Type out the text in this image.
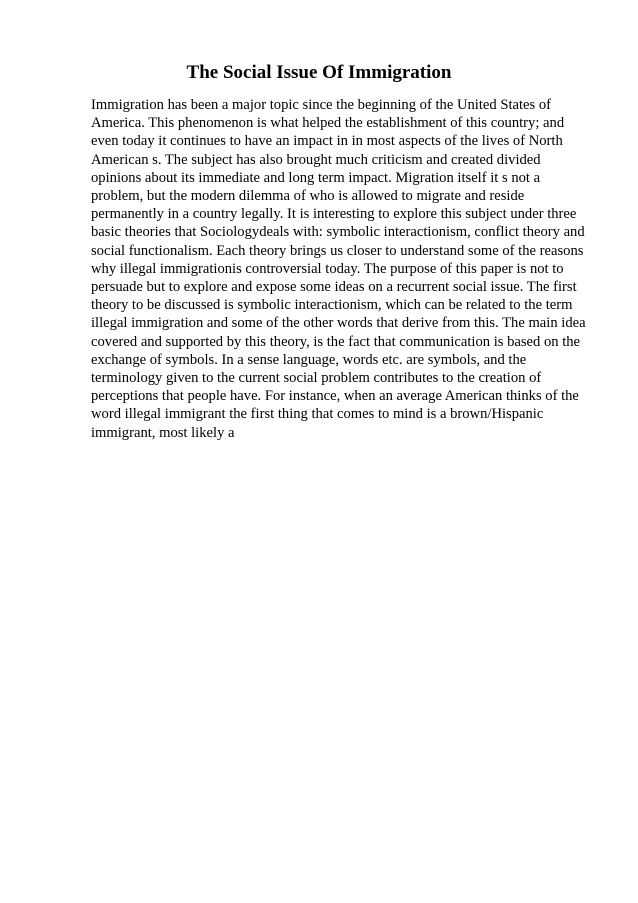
The Social Issue Of Immigration
Immigration has been a major topic since the beginning of the United States of
America. This phenomenon is what helped the establishment of this country; and
even today it continues to have an impact in in most aspects of the lives of North
American s. The subject has also brought much criticism and created divided
opinions about its immediate and long term impact. Migration itself it s not a
problem, but the modern dilemma of who is allowed to migrate and reside
permanently in a country legally. It is interesting to explore this subject under three
basic theories that Sociologydeals with: symbolic interactionism, conflict theory and
social functionalism. Each theory brings us closer to understand some of the reasons
why illegal immigrationis controversial today. The purpose of this paper is not to
persuade but to explore and expose some ideas on a recurrent social issue. The first
theory to be discussed is symbolic interactionism, which can be related to the term
illegal immigration and some of the other words that derive from this. The main idea
covered and supported by this theory, is the fact that communication is based on the
exchange of symbols. In a sense language, words etc. are symbols, and the
terminology given to the current social problem contributes to the creation of
perceptions that people have. For instance, when an average American thinks of the
word illegal immigrant the first thing that comes to mind is a brown/Hispanic
immigrant, most likely a
